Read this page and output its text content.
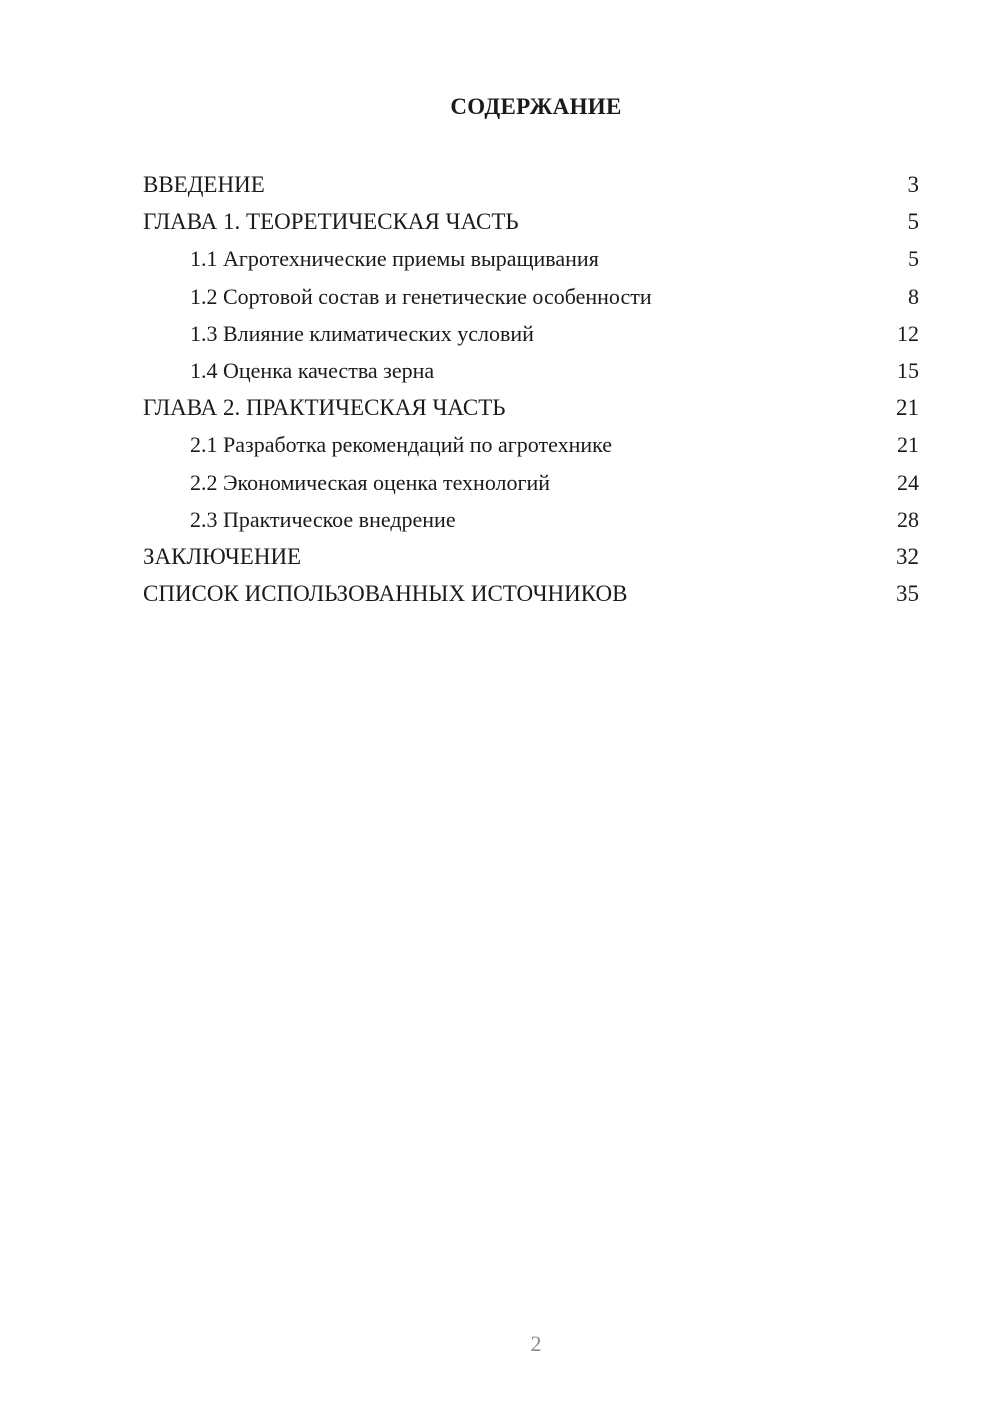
СОДЕРЖАНИЕ
ВВЕДЕНИЕ	3
ГЛАВА 1. ТЕОРЕТИЧЕСКАЯ ЧАСТЬ	5
1.1 Агротехнические приемы выращивания	5
1.2 Сортовой состав и генетические особенности	8
1.3 Влияние климатических условий	12
1.4 Оценка качества зерна	15
ГЛАВА 2. ПРАКТИЧЕСКАЯ ЧАСТЬ	21
2.1 Разработка рекомендаций по агротехнике	21
2.2 Экономическая оценка технологий	24
2.3 Практическое внедрение	28
ЗАКЛЮЧЕНИЕ	32
СПИСОК ИСПОЛЬЗОВАННЫХ ИСТОЧНИКОВ	35
2
